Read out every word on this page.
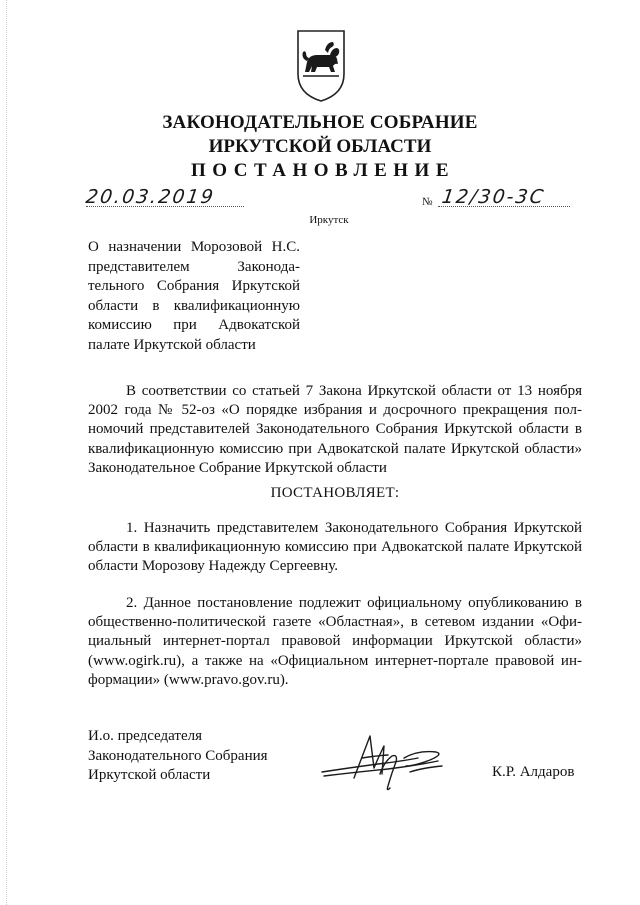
ЗАКОНОДАТЕЛЬНОЕ СОБРАНИЕ
ИРКУТСКОЙ ОБЛАСТИ
ПОСТАНОВЛЕНИЕ
20.03.2019	№ 12/30-3С
Иркутск
О назначении Морозовой Н.С. представителем Законодательного Собрания Иркутской области в квалификационную комиссию при Адвокатской палате Иркутской области
В соответствии со статьей 7 Закона Иркутской области от 13 ноября 2002 года № 52-оз «О порядке избрания и досрочного прекращения полномочий представителей Законодательного Собрания Иркутской области в квалификационную комиссию при Адвокатской палате Иркутской области» Законодательное Собрание Иркутской области
ПОСТАНОВЛЯЕТ:
1. Назначить представителем Законодательного Собрания Иркутской области в квалификационную комиссию при Адвокатской палате Иркутской области Морозову Надежду Сергеевну.
2. Данное постановление подлежит официальному опубликованию в общественно-политической газете «Областная», в сетевом издании «Официальный интернет-портал правовой информации Иркутской области» (www.ogirk.ru), а также на «Официальном интернет-портале правовой информации» (www.pravo.gov.ru).
И.о. председателя
Законодательного Собрания
Иркутской области	К.Р. Алдаров
